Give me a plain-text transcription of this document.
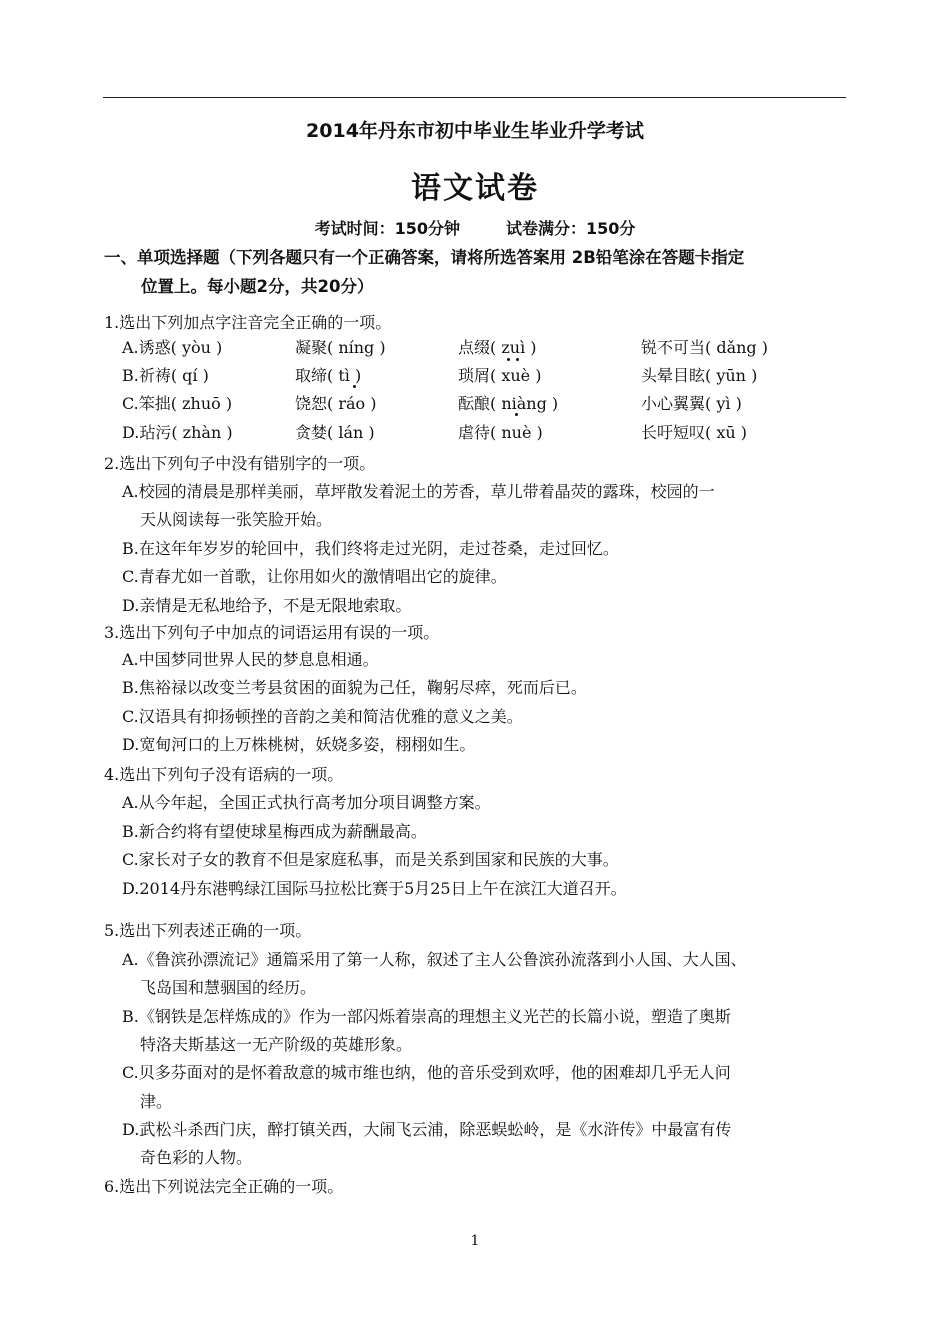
2014年丹东市初中毕业生毕业升学考试
语文试卷
考试时间：150分钟	试卷满分：150分
一、单项选择题（下列各题只有一个正确答案，请将所选答案用 2B铅笔涂在答题卡指定
位置上。每小题2分，共20分）
1.选出下列加点字注音完全正确的一项。
A.诱惑( yòu )	凝聚( níng )	点缀( zuì )	锐不可当( dǎng )
B.祈祷( qí )	取缔( tì )	琐屑( xuè )	头晕目眩( yūn )
C.笨拙( zhuō )	饶恕( ráo )	酝酿( niàng )	小心翼翼( yì )
D.玷污( zhàn )	贪婪( lán )	虐待( nuè )	长吁短叹( xū )
2.选出下列句子中没有错别字的一项。
A.校园的清晨是那样美丽，草坪散发着泥土的芳香，草儿带着晶荧的露珠，校园的一
天从阅读每一张笑脸开始。
B.在这年年岁岁的轮回中，我们终将走过光阴，走过苍桑，走过回忆。
C.青春尤如一首歌，让你用如火的激情唱出它的旋律。
D.亲情是无私地给予，不是无限地索取。
3.选出下列句子中加点的词语运用有误的一项。
A.中国梦同世界人民的梦息息相通。
B.焦裕禄以改变兰考县贫困的面貌为己任，鞠躬尽瘁，死而后已。
C.汉语具有抑扬顿挫的音韵之美和简洁优雅的意义之美。
D.宽甸河口的上万株桃树，妖娆多姿，栩栩如生。
4.选出下列句子没有语病的一项。
A.从今年起，全国正式执行高考加分项目调整方案。
B.新合约将有望使球星梅西成为薪酬最高。
C.家长对子女的教育不但是家庭私事，而是关系到国家和民族的大事。
D.2014丹东港鸭绿江国际马拉松比赛于5月25日上午在滨江大道召开。
5.选出下列表述正确的一项。
A.《鲁滨孙漂流记》通篇采用了第一人称，叙述了主人公鲁滨孙流落到小人国、大人国、
飞岛国和慧骃国的经历。
B.《钢铁是怎样炼成的》作为一部闪烁着崇高的理想主义光芒的长篇小说，塑造了奥斯
特洛夫斯基这一无产阶级的英雄形象。
C.贝多芬面对的是怀着敌意的城市维也纳，他的音乐受到欢呼，他的困难却几乎无人问
津。
D.武松斗杀西门庆，醉打镇关西，大闹飞云浦，除恶蜈蚣岭，是《水浒传》中最富有传
奇色彩的人物。
6.选出下列说法完全正确的一项。
1
